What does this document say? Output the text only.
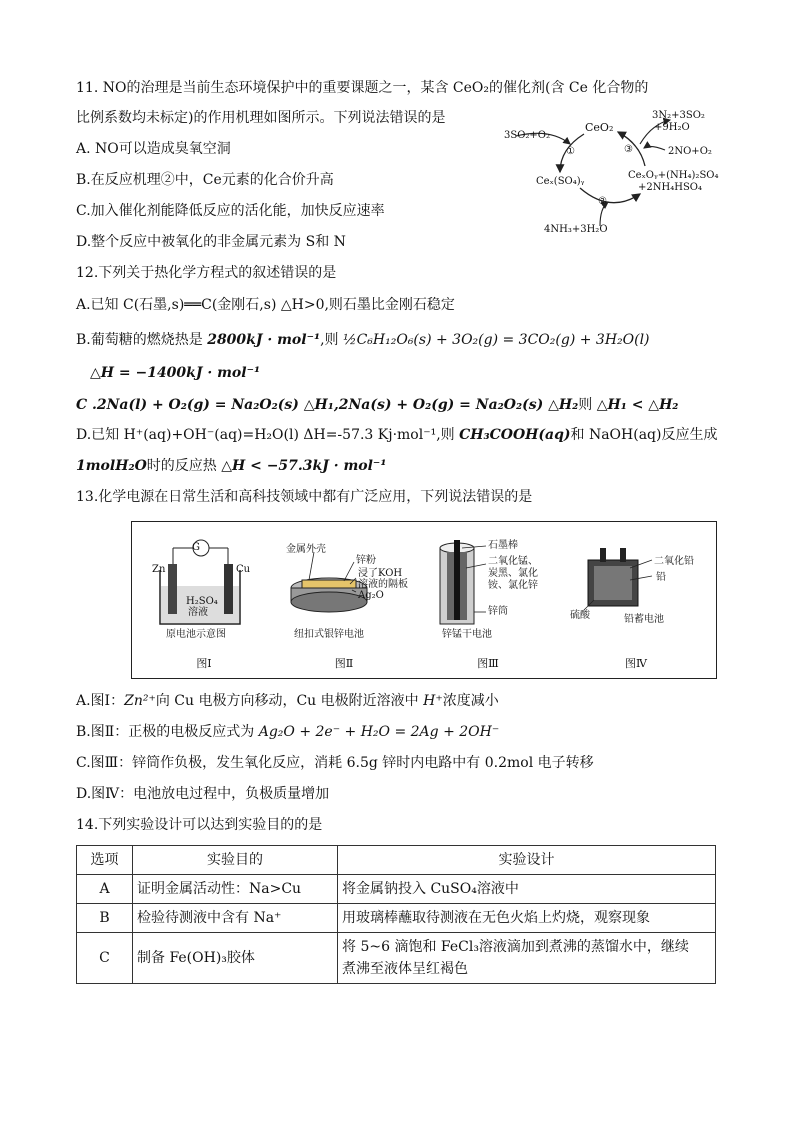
11. NO的治理是当前生态环境保护中的重要课题之一，某含 CeO₂的催化剂(含 Ce 化合物的
比例系数均未标定)的作用机理如图所示。下列说法错误的是
A. NO可以造成臭氧空洞
B.在反应机理②中，Ce元素的化合价升高
C.加入催化剂能降低反应的活化能，加快反应速率
D.整个反应中被氧化的非金属元素为 S和 N
CeO₂
3SO₂+O₂
①
Ceₓ(SO₄)ᵧ
②
4NH₃+3H₂O
CeₓOᵧ+(NH₄)₂SO₄
+2NH₄HSO₄
③	2NO+O₂
3N₂+3SO₂
+9H₂O
12.下列关于热化学方程式的叙述错误的是
A.已知 C(石墨,s)══C(金刚石,s) △H>0,则石墨比金刚石稳定
B.葡萄糖的燃烧热是 2800kJ · mol⁻¹,则 ½C₆H₁₂O₆(s) + 3O₂(g) = 3CO₂(g) + 3H₂O(l)
△H = −1400kJ · mol⁻¹
C .2Na(l) + O₂(g) = Na₂O₂(s) △H₁,2Na(s) + O₂(g) = Na₂O₂(s) △H₂则 △H₁ < △H₂
D.已知 H⁺(aq)+OH⁻(aq)=H₂O(l) ΔH=-57.3 Kj·mol⁻¹,则 CH₃COOH(aq)和 NaOH(aq)反应生成
1molH₂O时的反应热 △H < −57.3kJ · mol⁻¹
13.化学电源在日常生活和高科技领域中都有广泛应用，下列说法错误的是
G
Zn	Cu
H₂SO₄
溶液
原电池示意图
图Ⅰ
金属外壳
锌粉
浸了KOH
溶液的隔板
Ag₂O
纽扣式银锌电池
图Ⅱ
石墨棒
二氧化锰、
炭黑、氯化
铵、氯化锌
锌筒
锌锰干电池
图Ⅲ
二氧化铅
铅
硫酸	铅蓄电池
图Ⅳ
A.图Ⅰ：Zn²⁺向 Cu 电极方向移动，Cu 电极附近溶液中 H⁺浓度减小
B.图Ⅱ：正极的电极反应式为 Ag₂O + 2e⁻ + H₂O = 2Ag + 2OH⁻
C.图Ⅲ：锌筒作负极，发生氧化反应，消耗 6.5g 锌时内电路中有 0.2mol 电子转移
D.图Ⅳ：电池放电过程中，负极质量增加
14.下列实验设计可以达到实验目的的是
选项	实验目的	实验设计
A	证明金属活动性：Na>Cu	将金属钠投入 CuSO₄溶液中
B	检验待测液中含有 Na⁺	用玻璃棒蘸取待测液在无色火焰上灼烧，观察现象
C	制备 Fe(OH)₃胶体	将 5~6 滴饱和 FeCl₃溶液滴加到煮沸的蒸馏水中，继续
煮沸至液体呈红褐色
